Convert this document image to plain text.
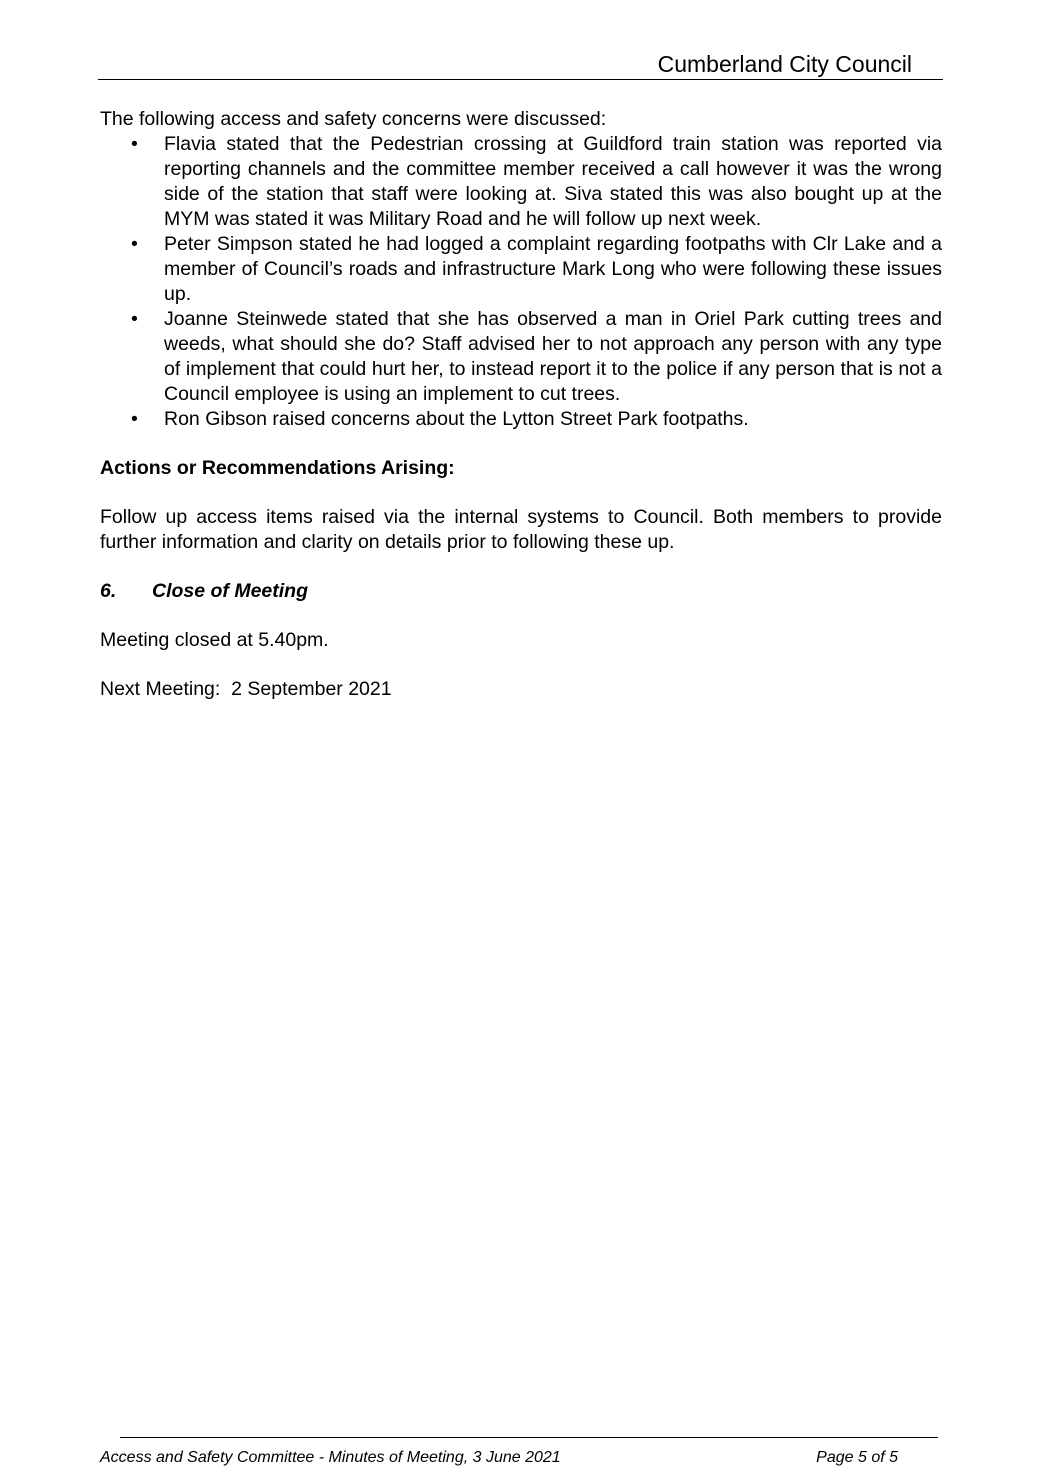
Cumberland City Council

The following access and safety concerns were discussed:

• Flavia stated that the Pedestrian crossing at Guildford train station was reported via reporting channels and the committee member received a call however it was the wrong side of the station that staff were looking at. Siva stated this was also bought up at the MYM was stated it was Military Road and he will follow up next week.
• Peter Simpson stated he had logged a complaint regarding footpaths with Clr Lake and a member of Council’s roads and infrastructure Mark Long who were following these issues up.
• Joanne Steinwede stated that she has observed a man in Oriel Park cutting trees and weeds, what should she do? Staff advised her to not approach any person with any type of implement that could hurt her, to instead report it to the police if any person that is not a Council employee is using an implement to cut trees.
• Ron Gibson raised concerns about the Lytton Street Park footpaths.

Actions or Recommendations Arising:

Follow up access items raised via the internal systems to Council. Both members to provide further information and clarity on details prior to following these up.

6. Close of Meeting

Meeting closed at 5.40pm.

Next Meeting:  2 September 2021

Access and Safety Committee - Minutes of Meeting, 3 June 2021	Page 5 of 5
